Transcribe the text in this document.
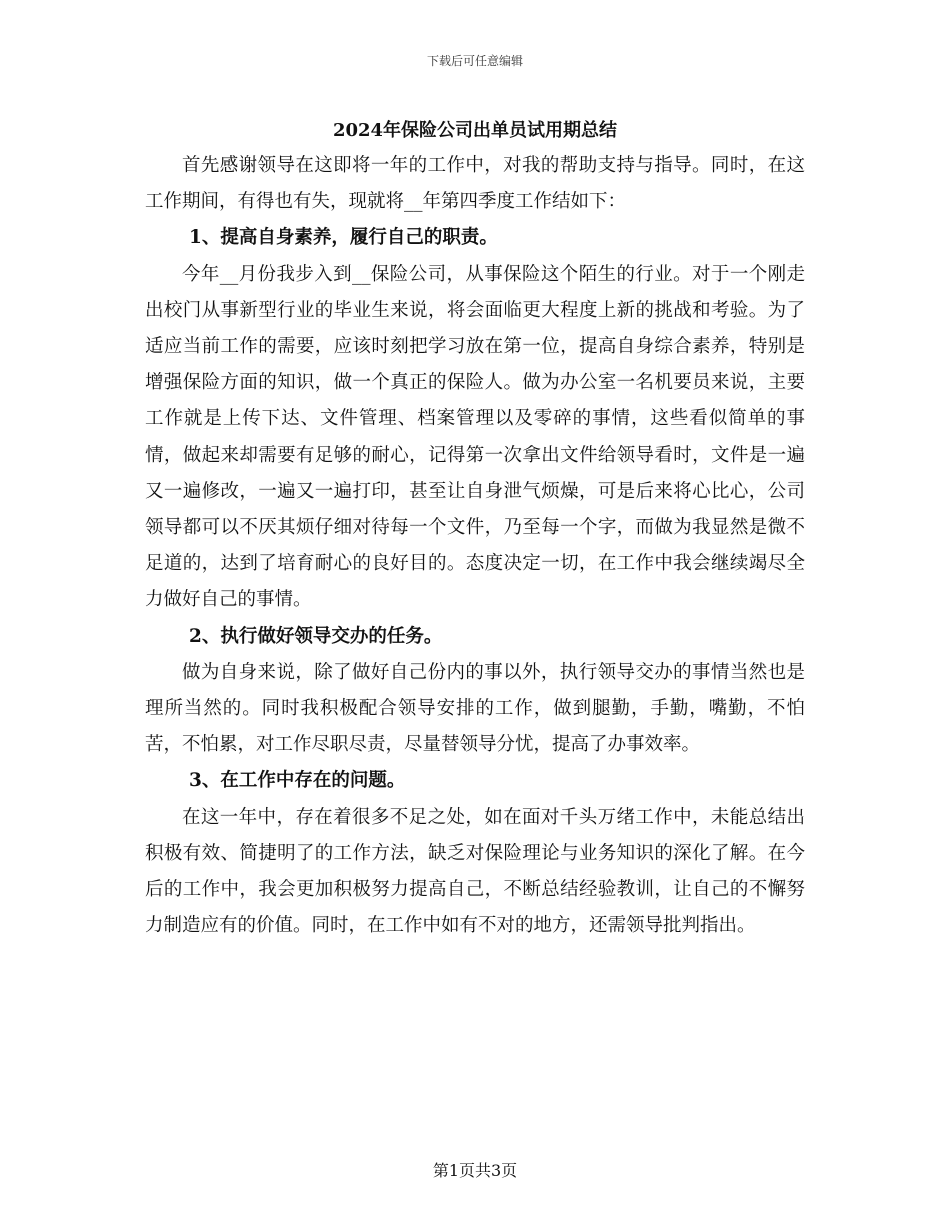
下载后可任意编辑
2024年保险公司出单员试用期总结

首先感谢领导在这即将一年的工作中，对我的帮助支持与指导。同时，在这工作期间，有得也有失，现就将__年第四季度工作结如下：

1、提高自身素养，履行自己的职责。

今年__月份我步入到__保险公司，从事保险这个陌生的行业。对于一个刚走出校门从事新型行业的毕业生来说，将会面临更大程度上新的挑战和考验。为了适应当前工作的需要，应该时刻把学习放在第一位，提高自身综合素养，特别是增强保险方面的知识，做一个真正的保险人。做为办公室一名机要员来说，主要工作就是上传下达、文件管理、档案管理以及零碎的事情，这些看似简单的事情，做起来却需要有足够的耐心，记得第一次拿出文件给领导看时，文件是一遍又一遍修改，一遍又一遍打印，甚至让自身泄气烦燥，可是后来将心比心，公司领导都可以不厌其烦仔细对待每一个文件，乃至每一个字，而做为我显然是微不足道的，达到了培育耐心的良好目的。态度决定一切，在工作中我会继续竭尽全力做好自己的事情。

2、执行做好领导交办的任务。

做为自身来说，除了做好自己份内的事以外，执行领导交办的事情当然也是理所当然的。同时我积极配合领导安排的工作，做到腿勤，手勤，嘴勤，不怕苦，不怕累，对工作尽职尽责，尽量替领导分忧，提高了办事效率。

3、在工作中存在的问题。

在这一年中，存在着很多不足之处，如在面对千头万绪工作中，未能总结出积极有效、简捷明了的工作方法，缺乏对保险理论与业务知识的深化了解。在今后的工作中，我会更加积极努力提高自己，不断总结经验教训，让自己的不懈努力制造应有的价值。同时，在工作中如有不对的地方，还需领导批判指出。

第1页共3页
